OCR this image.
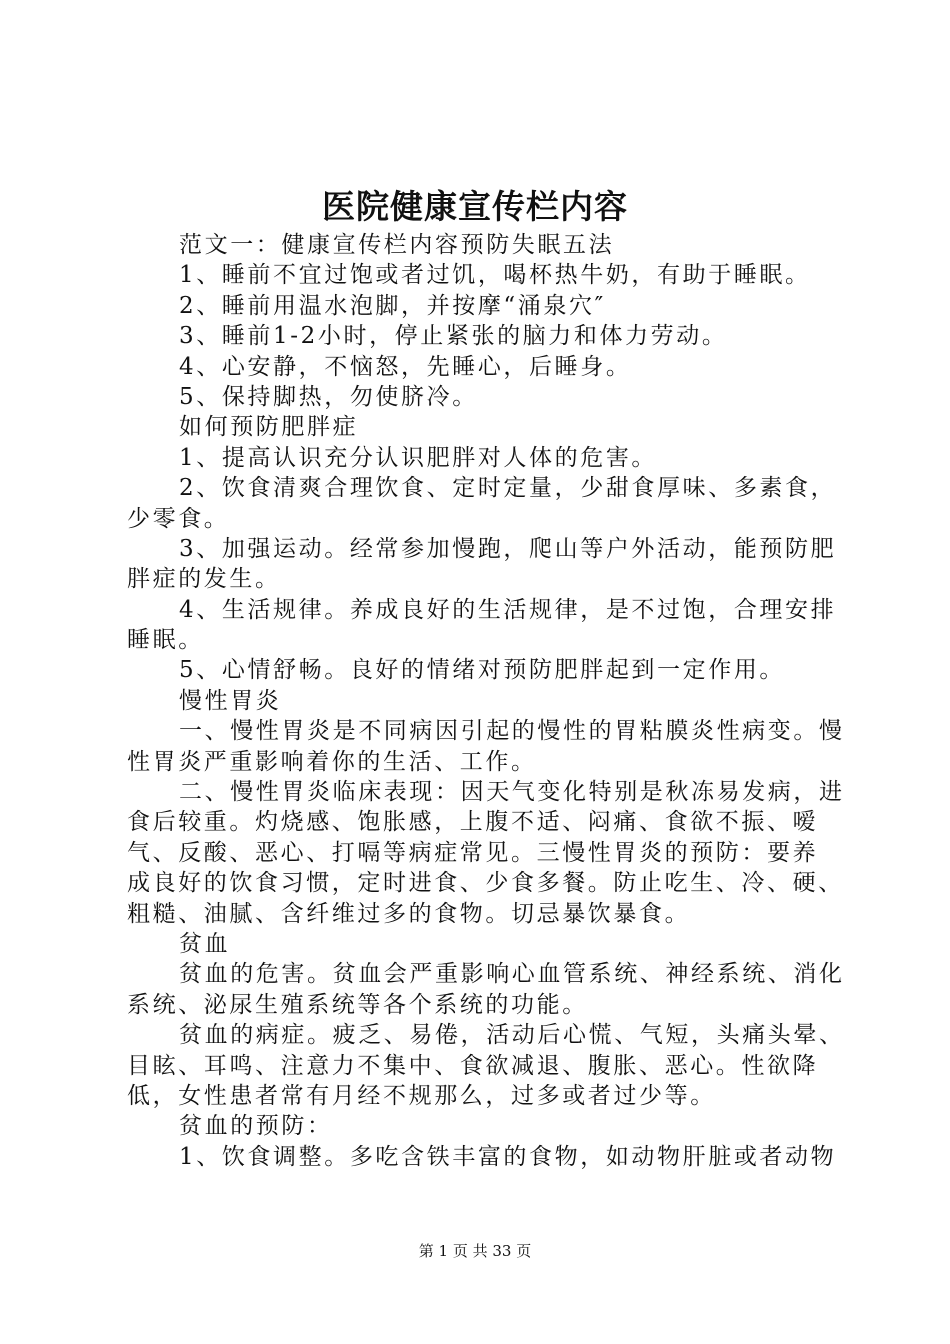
医院健康宣传栏内容
范文一：健康宣传栏内容预防失眠五法
1、睡前不宜过饱或者过饥，喝杯热牛奶，有助于睡眠。
2、睡前用温水泡脚，并按摩“涌泉穴″
3、睡前1-2小时，停止紧张的脑力和体力劳动。
4、心安静，不恼怒，先睡心，后睡身。
5、保持脚热，勿使脐冷。
如何预防肥胖症
1、提高认识充分认识肥胖对人体的危害。
2、饮食清爽合理饮食、定时定量，少甜食厚味、多素食，
少零食。
3、加强运动。经常参加慢跑，爬山等户外活动，能预防肥
胖症的发生。
4、生活规律。养成良好的生活规律，是不过饱，合理安排
睡眠。
5、心情舒畅。良好的情绪对预防肥胖起到一定作用。
慢性胃炎
一、慢性胃炎是不同病因引起的慢性的胃粘膜炎性病变。慢
性胃炎严重影响着你的生活、工作。
二、慢性胃炎临床表现：因天气变化特别是秋冻易发病，进
食后较重。灼烧感、饱胀感，上腹不适、闷痛、食欲不振、嗳
气、反酸、恶心、打嗝等病症常见。三慢性胃炎的预防：要养
成良好的饮食习惯，定时进食、少食多餐。防止吃生、冷、硬、
粗糙、油腻、含纤维过多的食物。切忌暴饮暴食。
贫血
贫血的危害。贫血会严重影响心血管系统、神经系统、消化
系统、泌尿生殖系统等各个系统的功能。
贫血的病症。疲乏、易倦，活动后心慌、气短，头痛头晕、
目眩、耳鸣、注意力不集中、食欲减退、腹胀、恶心。性欲降
低，女性患者常有月经不规那么，过多或者过少等。
贫血的预防：
1、饮食调整。多吃含铁丰富的食物，如动物肝脏或者动物
第 1 页 共 33 页
